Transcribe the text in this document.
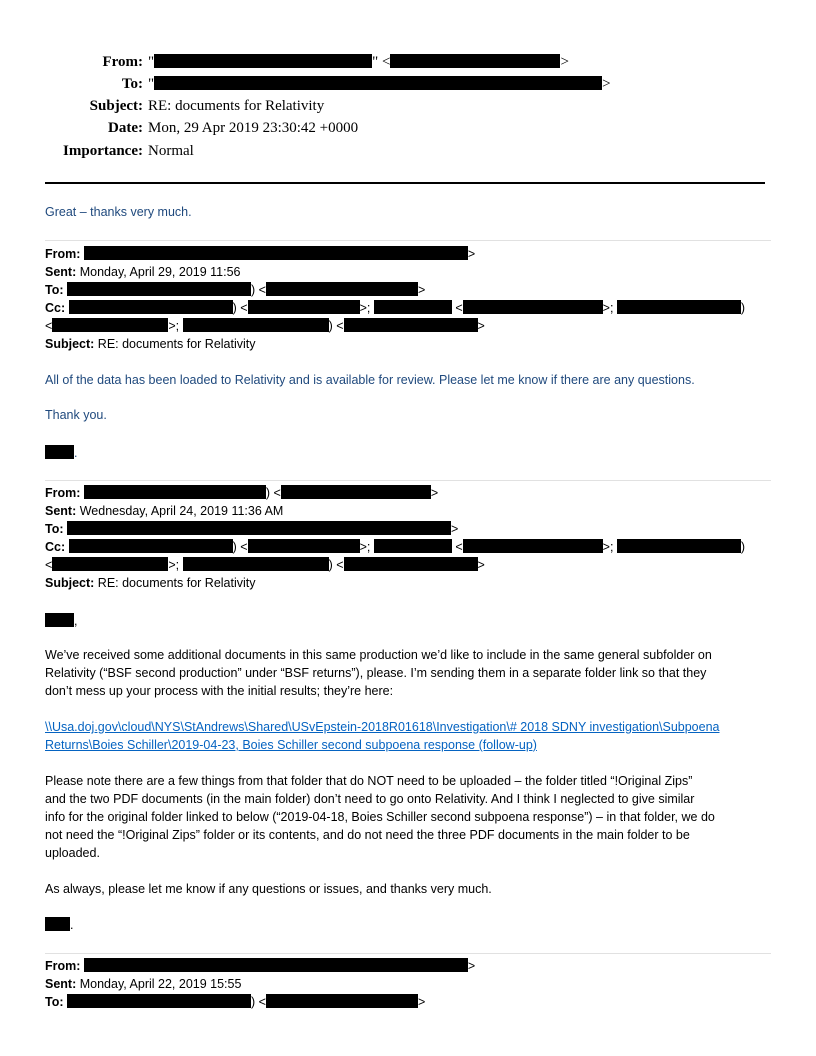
From: "	" <	>
To: "	>
Subject: RE: documents for Relativity
Date: Mon, 29 Apr 2019 23:30:42 +0000
Importance: Normal
Great – thanks very much.
From:	>
Sent: Monday, April 29, 2019 11:56
To:	) <	>
Cc:	) <	>;	<	>;	)
<	>;	) <	>
Subject: RE: documents for Relativity
All of the data has been loaded to Relativity and is available for review. Please let me know if there are any questions.
Thank you.
.
From:	) <	>
Sent: Wednesday, April 24, 2019 11:36 AM
To:	>
Cc:	) <	>;	<	>;	)
<	>;	) <	>
Subject: RE: documents for Relativity
,
We’ve received some additional documents in this same production we’d like to include in the same general subfolder on
Relativity (“BSF second production” under “BSF returns”), please. I’m sending them in a separate folder link so that they
don’t mess up your process with the initial results; they’re here:
\\Usa.doj.gov\cloud\NYS\StAndrews\Shared\USvEpstein-2018R01618\Investigation\# 2018 SDNY investigation\Subpoena
Returns\Boies Schiller\2019-04-23, Boies Schiller second subpoena response (follow-up)
Please note there are a few things from that folder that do NOT need to be uploaded – the folder titled “!Original Zips”
and the two PDF documents (in the main folder) don’t need to go onto Relativity. And I think I neglected to give similar
info for the original folder linked to below (“2019-04-18, Boies Schiller second subpoena response”) – in that folder, we do
not need the “!Original Zips” folder or its contents, and do not need the three PDF documents in the main folder to be
uploaded.
As always, please let me know if any questions or issues, and thanks very much.
.
From:	>
Sent: Monday, April 22, 2019 15:55
To:	) <	>
